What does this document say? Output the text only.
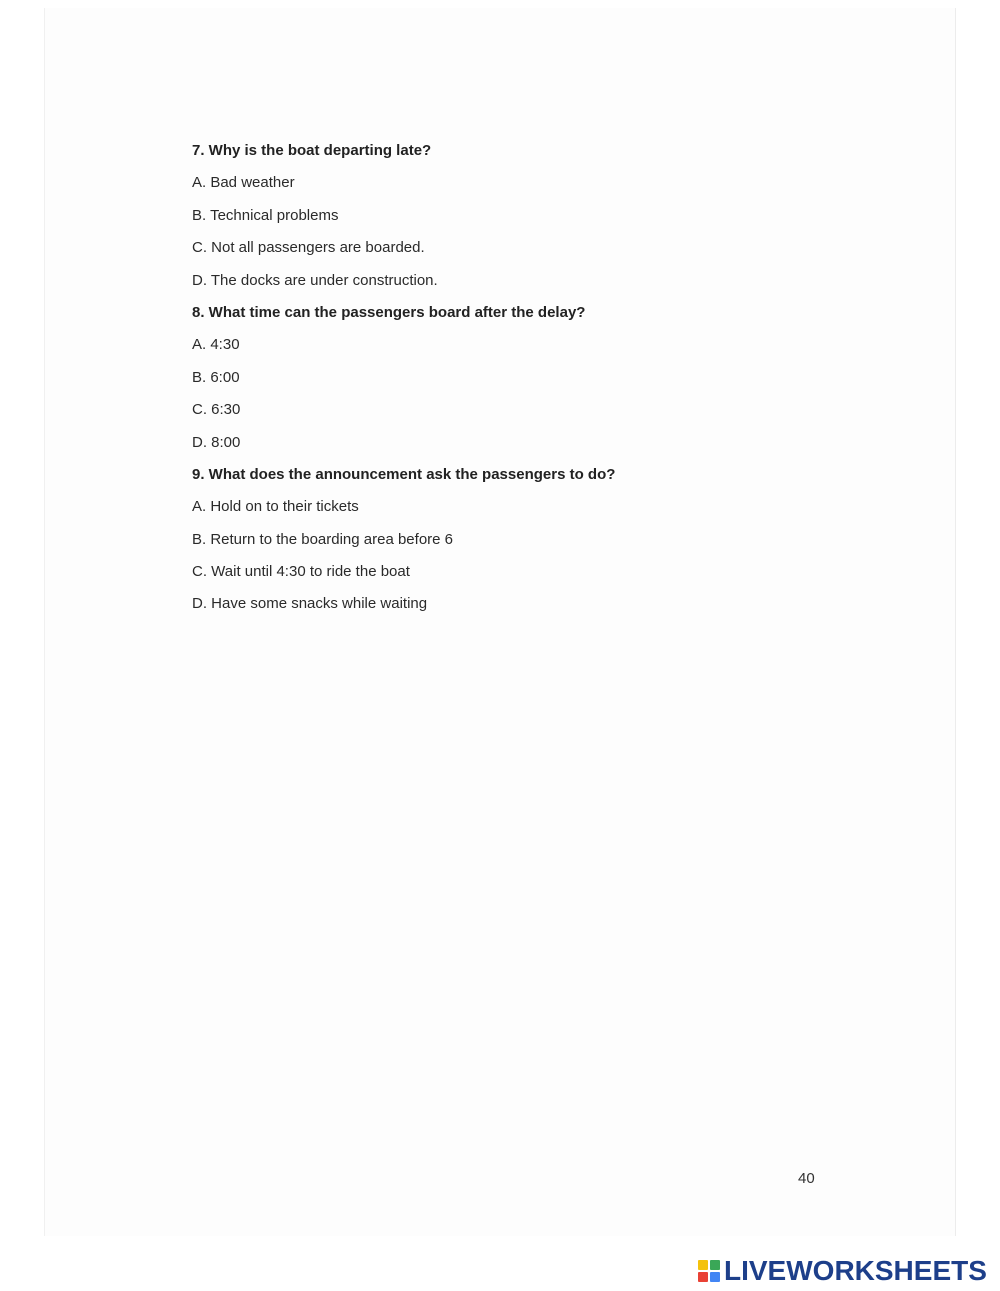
7. Why is the boat departing late?
A. Bad weather
B. Technical problems
C. Not all passengers are boarded.
D. The docks are under construction.
8. What time can the passengers board after the delay?
A. 4:30
B. 6:00
C. 6:30
D. 8:00
9. What does the announcement ask the passengers to do?
A. Hold on to their tickets
B. Return to the boarding area before 6
C. Wait until 4:30 to ride the boat
D. Have some snacks while waiting
40
LIVEWORKSHEETS
